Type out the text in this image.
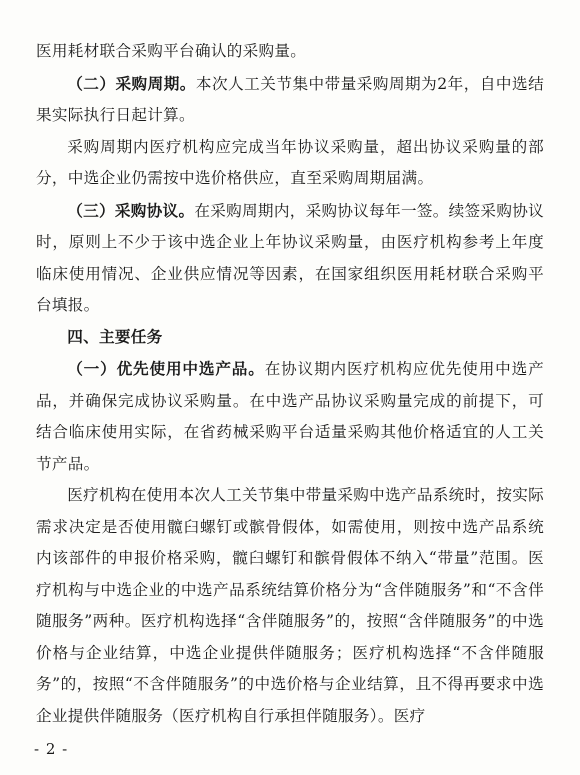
医用耗材联合采购平台确认的采购量。

（二）采购周期。本次人工关节集中带量采购周期为2年，自中选结果实际执行日起计算。

采购周期内医疗机构应完成当年协议采购量，超出协议采购量的部分，中选企业仍需按中选价格供应，直至采购周期届满。

（三）采购协议。在采购周期内，采购协议每年一签。续签采购协议时，原则上不少于该中选企业上年协议采购量，由医疗机构参考上年度临床使用情况、企业供应情况等因素，在国家组织医用耗材联合采购平台填报。

四、主要任务

（一）优先使用中选产品。在协议期内医疗机构应优先使用中选产品，并确保完成协议采购量。在中选产品协议采购量完成的前提下，可结合临床使用实际，在省药械采购平台适量采购其他价格适宜的人工关节产品。

医疗机构在使用本次人工关节集中带量采购中选产品系统时，按实际需求决定是否使用髋臼螺钉或髌骨假体，如需使用，则按中选产品系统内该部件的申报价格采购，髋臼螺钉和髌骨假体不纳入“带量”范围。医疗机构与中选企业的中选产品系统结算价格分为“含伴随服务”和“不含伴随服务”两种。医疗机构选择“含伴随服务”的，按照“含伴随服务”的中选价格与企业结算，中选企业提供伴随服务；医疗机构选择“不含伴随服务”的，按照“不含伴随服务”的中选价格与企业结算，且不得再要求中选企业提供伴随服务（医疗机构自行承担伴随服务）。医疗

- 2 -
